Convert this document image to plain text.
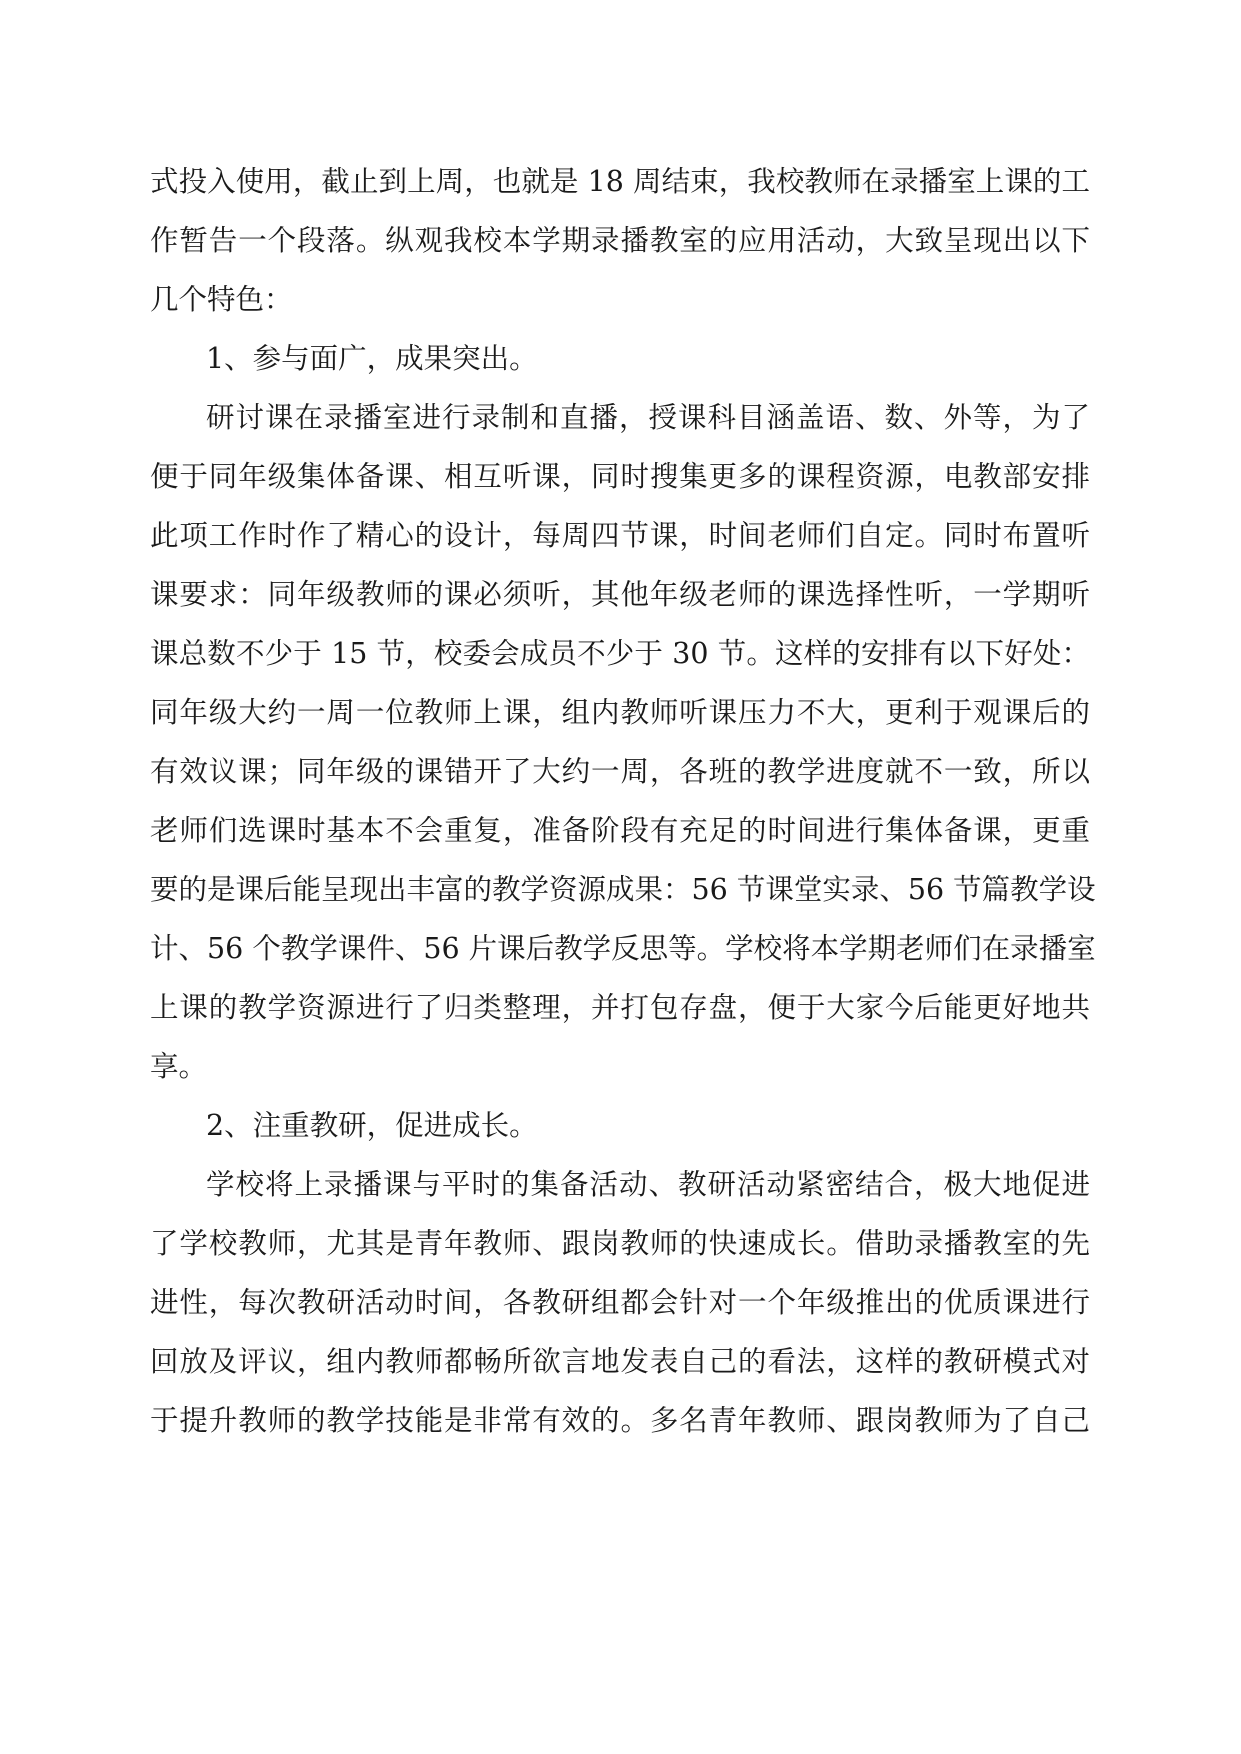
式投入使用，截止到上周，也就是 18 周结束，我校教师在录播室上课的工
作暂告一个段落。纵观我校本学期录播教室的应用活动，大致呈现出以下
几个特色：
1、参与面广，成果突出。
研讨课在录播室进行录制和直播，授课科目涵盖语、数、外等，为了
便于同年级集体备课、相互听课，同时搜集更多的课程资源，电教部安排
此项工作时作了精心的设计，每周四节课，时间老师们自定。同时布置听
课要求：同年级教师的课必须听，其他年级老师的课选择性听，一学期听
课总数不少于 15 节，校委会成员不少于 30 节。这样的安排有以下好处：
同年级大约一周一位教师上课，组内教师听课压力不大，更利于观课后的
有效议课；同年级的课错开了大约一周，各班的教学进度就不一致，所以
老师们选课时基本不会重复，准备阶段有充足的时间进行集体备课，更重
要的是课后能呈现出丰富的教学资源成果：56 节课堂实录、56 节篇教学设
计、56 个教学课件、56 片课后教学反思等。学校将本学期老师们在录播室
上课的教学资源进行了归类整理，并打包存盘，便于大家今后能更好地共
享。
2、注重教研，促进成长。
学校将上录播课与平时的集备活动、教研活动紧密结合，极大地促进
了学校教师，尤其是青年教师、跟岗教师的快速成长。借助录播教室的先
进性，每次教研活动时间，各教研组都会针对一个年级推出的优质课进行
回放及评议，组内教师都畅所欲言地发表自己的看法，这样的教研模式对
于提升教师的教学技能是非常有效的。多名青年教师、跟岗教师为了自己
